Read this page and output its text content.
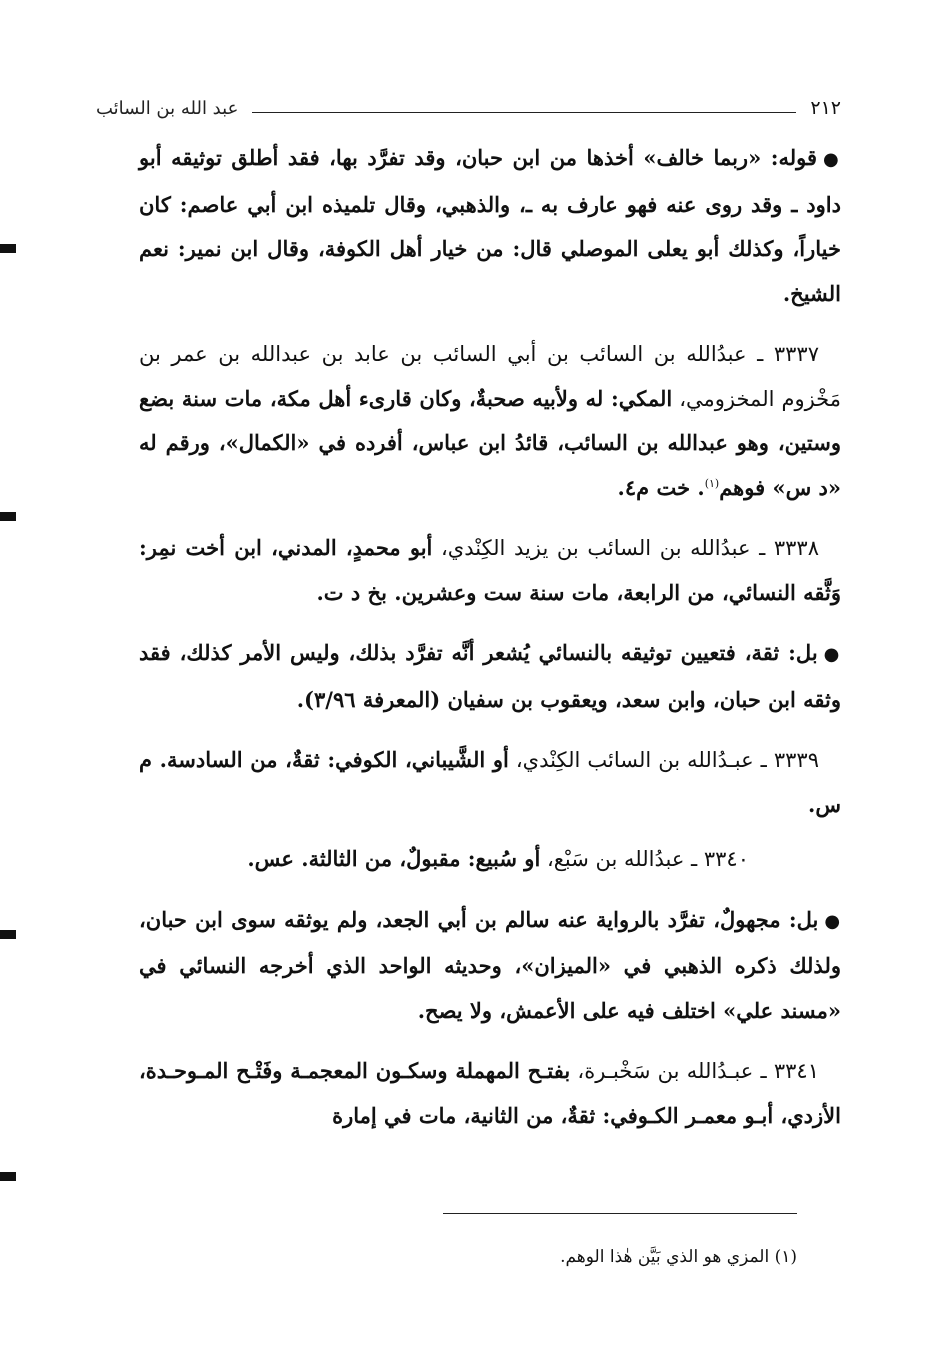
٢١٢
عبد الله بن السائب

●قوله: «ربما خالف» أخذها من ابن حبان، وقد تفرَّد بها، فقد أطلق توثيقه أبو داود ـ وقد روى عنه فهو عارف به ـ، والذهبي، وقال تلميذه ابن أبي عاصم: كان خياراً، وكذلك أبو يعلى الموصلي قال: من خيار أهل الكوفة، وقال ابن نمير: نعم الشيخ.

٣٣٣٧ ـ عبدُالله بن السائب بن أبي السائب بن عابد بن عبدالله بن عمر بن مَخْزوم المخزومي، المكي: له ولأبيه صحبةٌ، وكان قارىء أهل مكة، مات سنة بضع وستين، وهو عبدالله بن السائب، قائدُ ابن عباس، أفرده في «الكمال»، ورقم له «د س» فوهم$^{(١)}$. خت م٤.

٣٣٣٨ ـ عبدُالله بن السائب بن يزيد الكِنْدي، أبو محمدٍ، المدني، ابن أخت نمِر: وَثَّقه النسائي، من الرابعة، مات سنة ست وعشرين. بخ د ت.

●بل: ثقة، فتعيين توثيقه بالنسائي يُشعر أنَّه تفرَّد بذلك، وليس الأمر كذلك، فقد وثقه ابن حبان، وابن سعد، ويعقوب بن سفيان (المعرفة ٣/٩٦).

٣٣٣٩ ـ عبـدُالله بن السائب الكِنْدي، أو الشَّيباني، الكوفي: ثقةٌ، من السادسة. م س.

٣٣٤٠ ـ عبدُالله بن سَبْع، أو سُبيع: مقبولٌ، من الثالثة. عس.

●بل: مجهولٌ، تفرَّد بالرواية عنه سالم بن أبي الجعد، ولم يوثقه سوى ابن حبان، ولذلك ذكره الذهبي في «الميزان»، وحديثه الواحد الذي أخرجه النسائي في «مسند علي» اختلف فيه على الأعمش، ولا يصح.

٣٣٤١ ـ عبـدُالله بن سَخْبـرة، بفتـح المهملة وسكـون المعجمـة وفَتْـح المـوحـدة، الأزدي، أبـو معمـر الكـوفي: ثقةٌ، من الثانية، مات في إمارة

(١) المزي هو الذي بَيَّن هٰذا الوهم.
